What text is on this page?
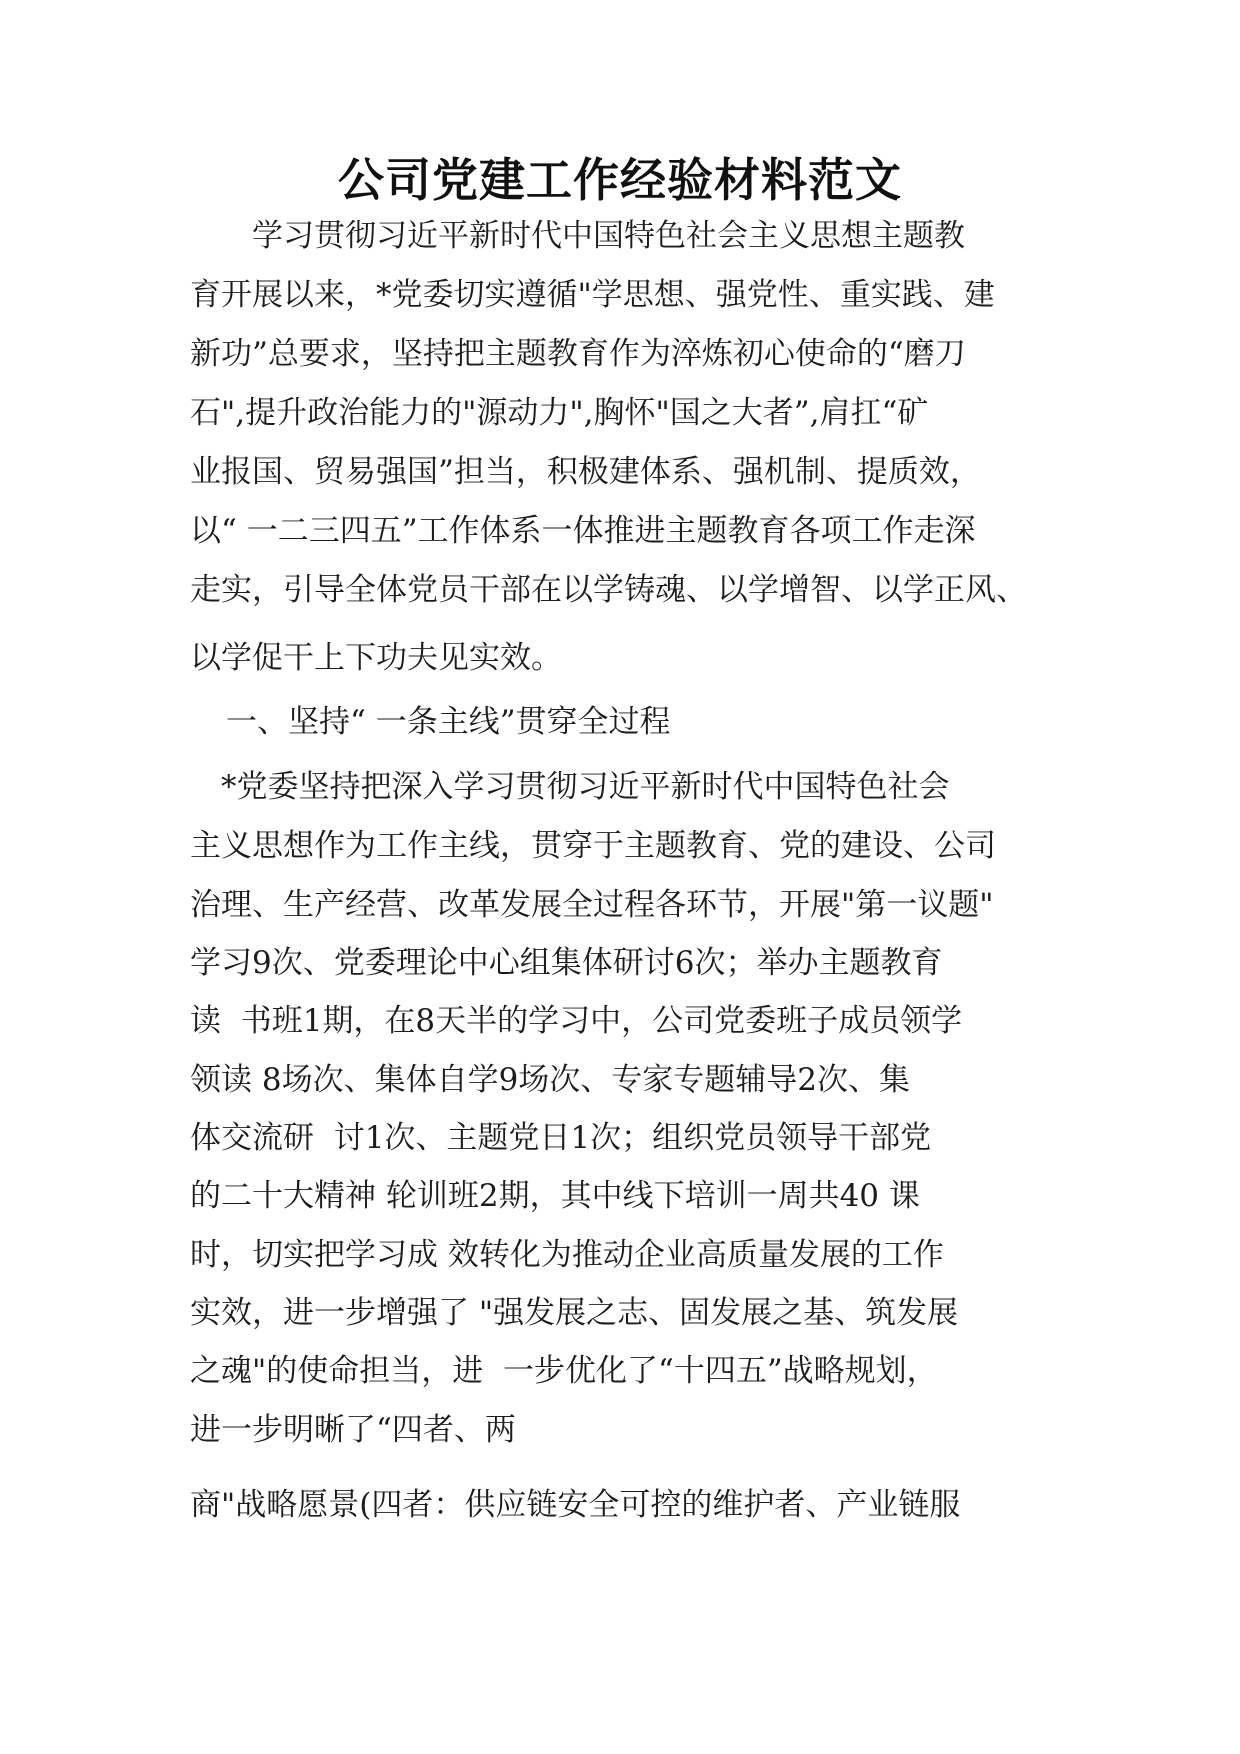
公司党建工作经验材料范文
　　学习贯彻习近平新时代中国特色社会主义思想主题教
育开展以来，*党委切实遵循"学思想、强党性、重实践、建
新功”总要求，坚持把主题教育作为淬炼初心使命的“磨刀
石",提升政治能力的"源动力",胸怀"国之大者”,肩扛“矿
业报国、贸易强国”担当，积极建体系、强机制、提质效，
以“ 一二三四五”工作体系一体推进主题教育各项工作走深
走实，引导全体党员干部在以学铸魂、以学增智、以学正风、
以学促干上下功夫见实效。
一、坚持“ 一条主线”贯穿全过程
　*党委坚持把深入学习贯彻习近平新时代中国特色社会
主义思想作为工作主线，贯穿于主题教育、党的建设、公司
治理、生产经营、改革发展全过程各环节，开展"第一议题"
学习9次、党委理论中心组集体研讨6次；举办主题教育
读  书班1期，在8天半的学习中，公司党委班子成员领学
领读 8场次、集体自学9场次、专家专题辅导2次、集
体交流研  讨1次、主题党日1次；组织党员领导干部党
的二十大精神 轮训班2期，其中线下培训一周共40 课
时，切实把学习成 效转化为推动企业高质量发展的工作
实效，进一步增强了 "强发展之志、固发展之基、筑发展
之魂"的使命担当，进  一步优化了“十四五”战略规划，
进一步明晰了“四者、两
商"战略愿景(四者：供应链安全可控的维护者、产业链服
